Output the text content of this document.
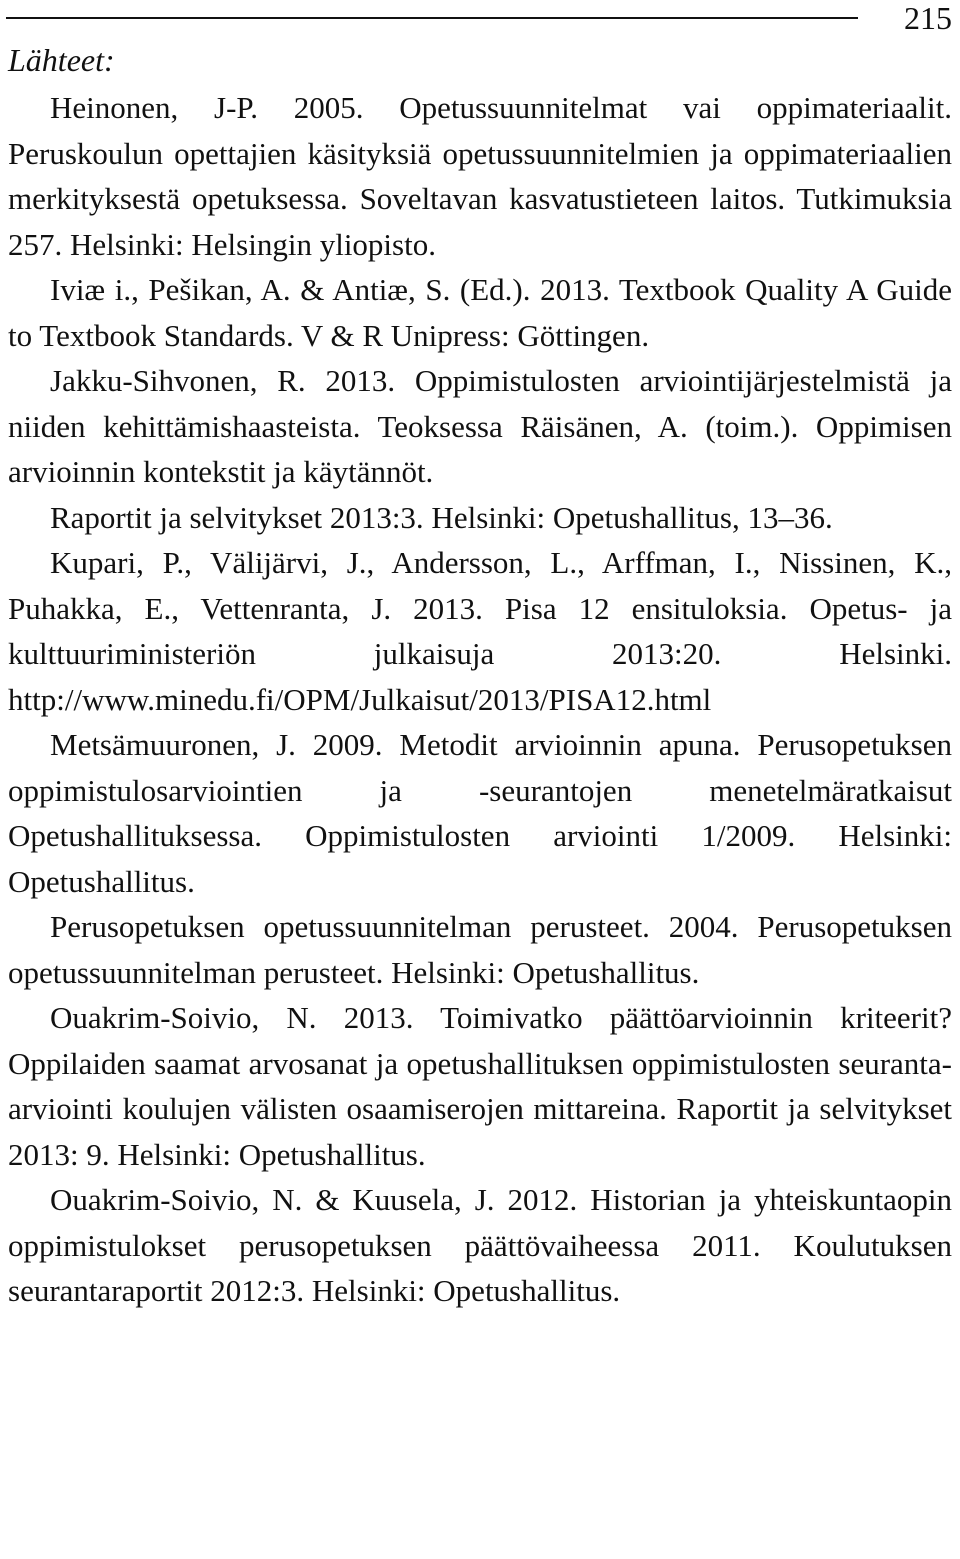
215
Lähteet:

Heinonen, J-P. 2005. Opetussuunnitelmat vai oppimateriaalit. Peruskoulun opettajien käsityksiä opetussuunnitelmien ja oppimateriaalien merkityksestä opetuksessa. Soveltavan kasvatustieteen laitos. Tutkimuksia 257. Helsinki: Helsingin yliopisto.

Iviæ i., Pešikan, A. & Antiæ, S. (Ed.). 2013. Textbook Quality A Guide to Textbook Standards. V & R Unipress: Göttingen.

Jakku-Sihvonen, R. 2013. Oppimistulosten arviointijärjestelmistä ja niiden kehittämishaasteista. Teoksessa Räisänen, A. (toim.). Oppimisen arvioinnin kontekstit ja käytännöt.

Raportit ja selvitykset 2013:3. Helsinki: Opetushallitus, 13–36.

Kupari, P., Välijärvi, J., Andersson, L., Arffman, I., Nissinen, K., Puhakka, E., Vettenranta, J. 2013. Pisa 12 ensituloksia. Opetus- ja kulttuuriministeriön julkaisuja 2013:20. Helsinki. http://www.minedu.fi/OPM/Julkaisut/2013/PISA12.html

Metsämuuronen, J. 2009. Metodit arvioinnin apuna. Perusopetuksen oppimistulosarviointien ja -seurantojen menetelmäratkaisut Opetushallituksessa. Oppimistulosten arviointi 1/2009. Helsinki: Opetushallitus.

Perusopetuksen opetussuunnitelman perusteet. 2004. Perusopetuksen opetussuunnitelman perusteet. Helsinki: Opetushallitus.

Ouakrim-Soivio, N. 2013. Toimivatko päättöarvioinnin kriteerit? Oppilaiden saamat arvosanat ja opetushallituksen oppimistulosten seuranta-arviointi koulujen välisten osaamiserojen mittareina. Raportit ja selvitykset 2013: 9. Helsinki: Opetushallitus.

Ouakrim-Soivio, N. & Kuusela, J. 2012. Historian ja yhteiskuntaopin oppimistulokset perusopetuksen päättövaiheessa 2011. Koulutuksen seurantaraportit 2012:3. Helsinki: Opetushallitus.
